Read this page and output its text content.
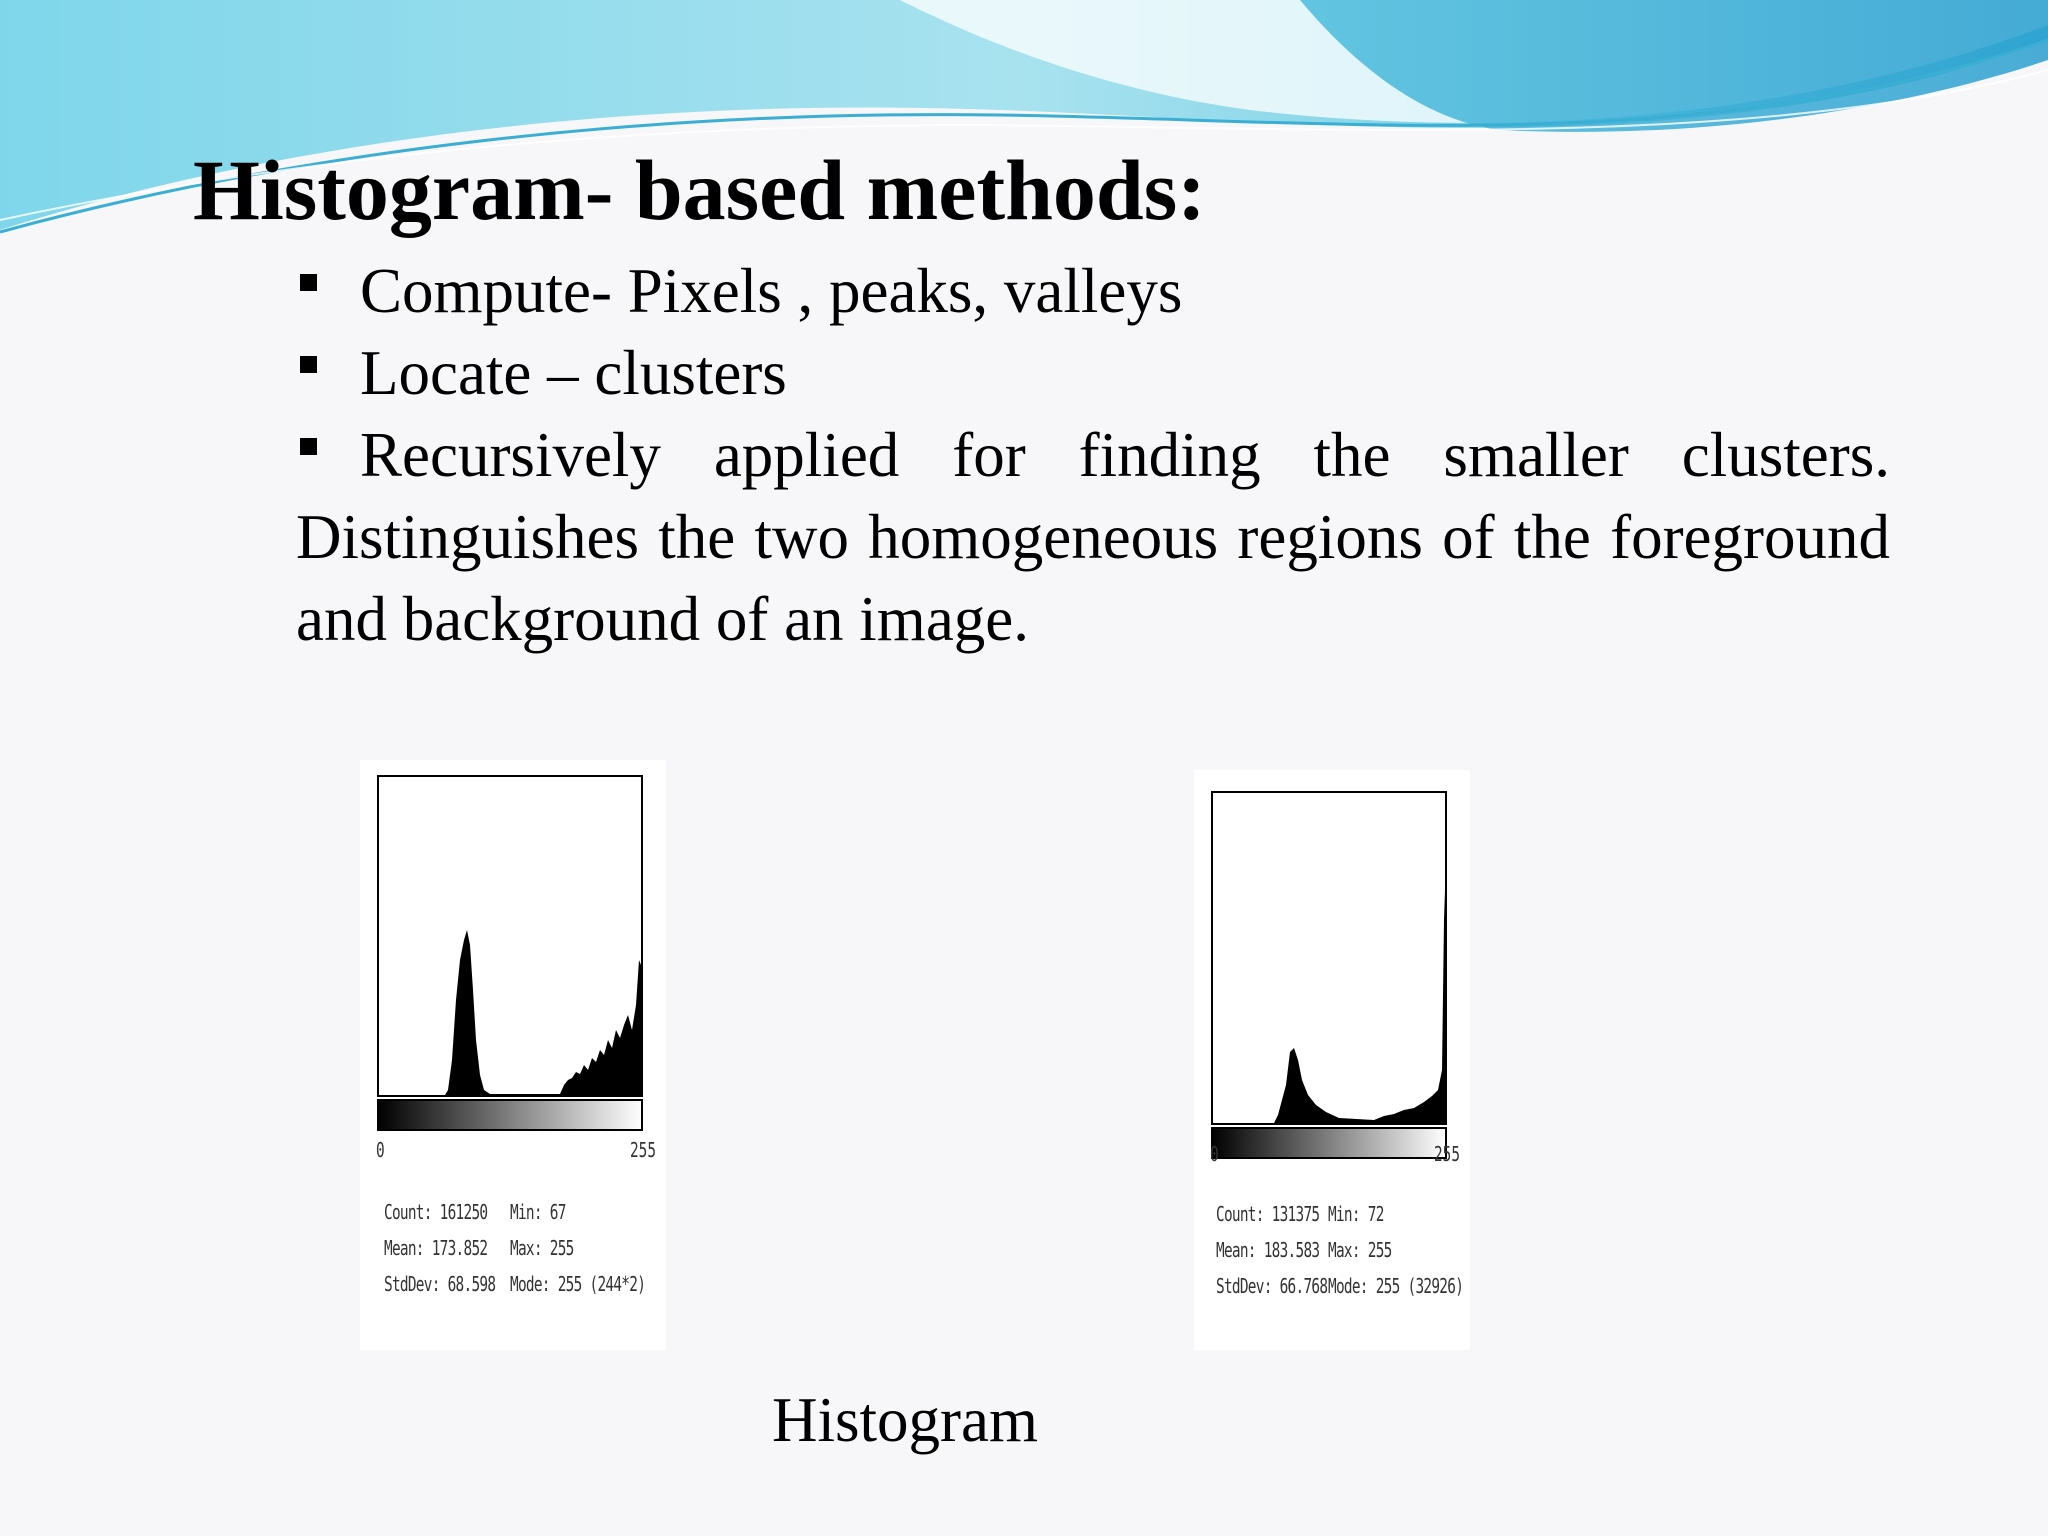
Histogram- based methods:
Compute- Pixels , peaks, valleys
Locate – clusters
Recursively applied for finding the smaller clusters. Distinguishes the two homogeneous regions of the foreground and background of an image.
0	255
Count: 161250
Mean: 173.852
StdDev: 68.598
Min: 67
Max: 255
Mode: 255 (244*2)
0	255
Count: 131375
Mean: 183.583
StdDev: 66.768
Min: 72
Max: 255
Mode: 255 (32926)
Histogram
